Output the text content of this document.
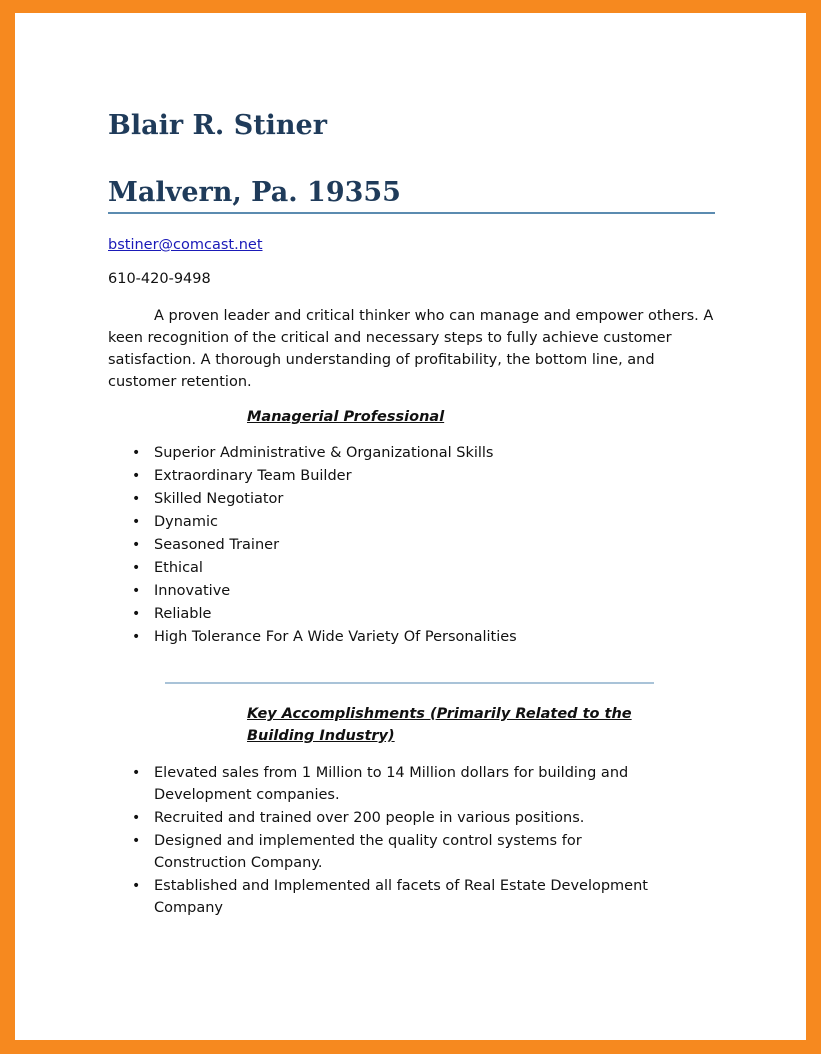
Blair R. Stiner
Malvern, Pa. 19355
bstiner@comcast.net
610-420-9498

A proven leader and critical thinker who can manage and empower others. A keen recognition of the critical and necessary steps to fully achieve customer satisfaction. A thorough understanding of profitability, the bottom line, and customer retention.

Managerial Professional
• Superior Administrative & Organizational Skills
• Extraordinary Team Builder
• Skilled Negotiator
• Dynamic
• Seasoned Trainer
• Ethical
• Innovative
• Reliable
• High Tolerance For A Wide Variety Of Personalities
Key Accomplishments (Primarily Related to the Building Industry)
• Elevated sales from 1 Million to 14 Million dollars for building and Development companies.
• Recruited and trained over 200 people in various positions.
• Designed and implemented the quality control systems for Construction Company.
• Established and Implemented all facets of Real Estate Development Company
